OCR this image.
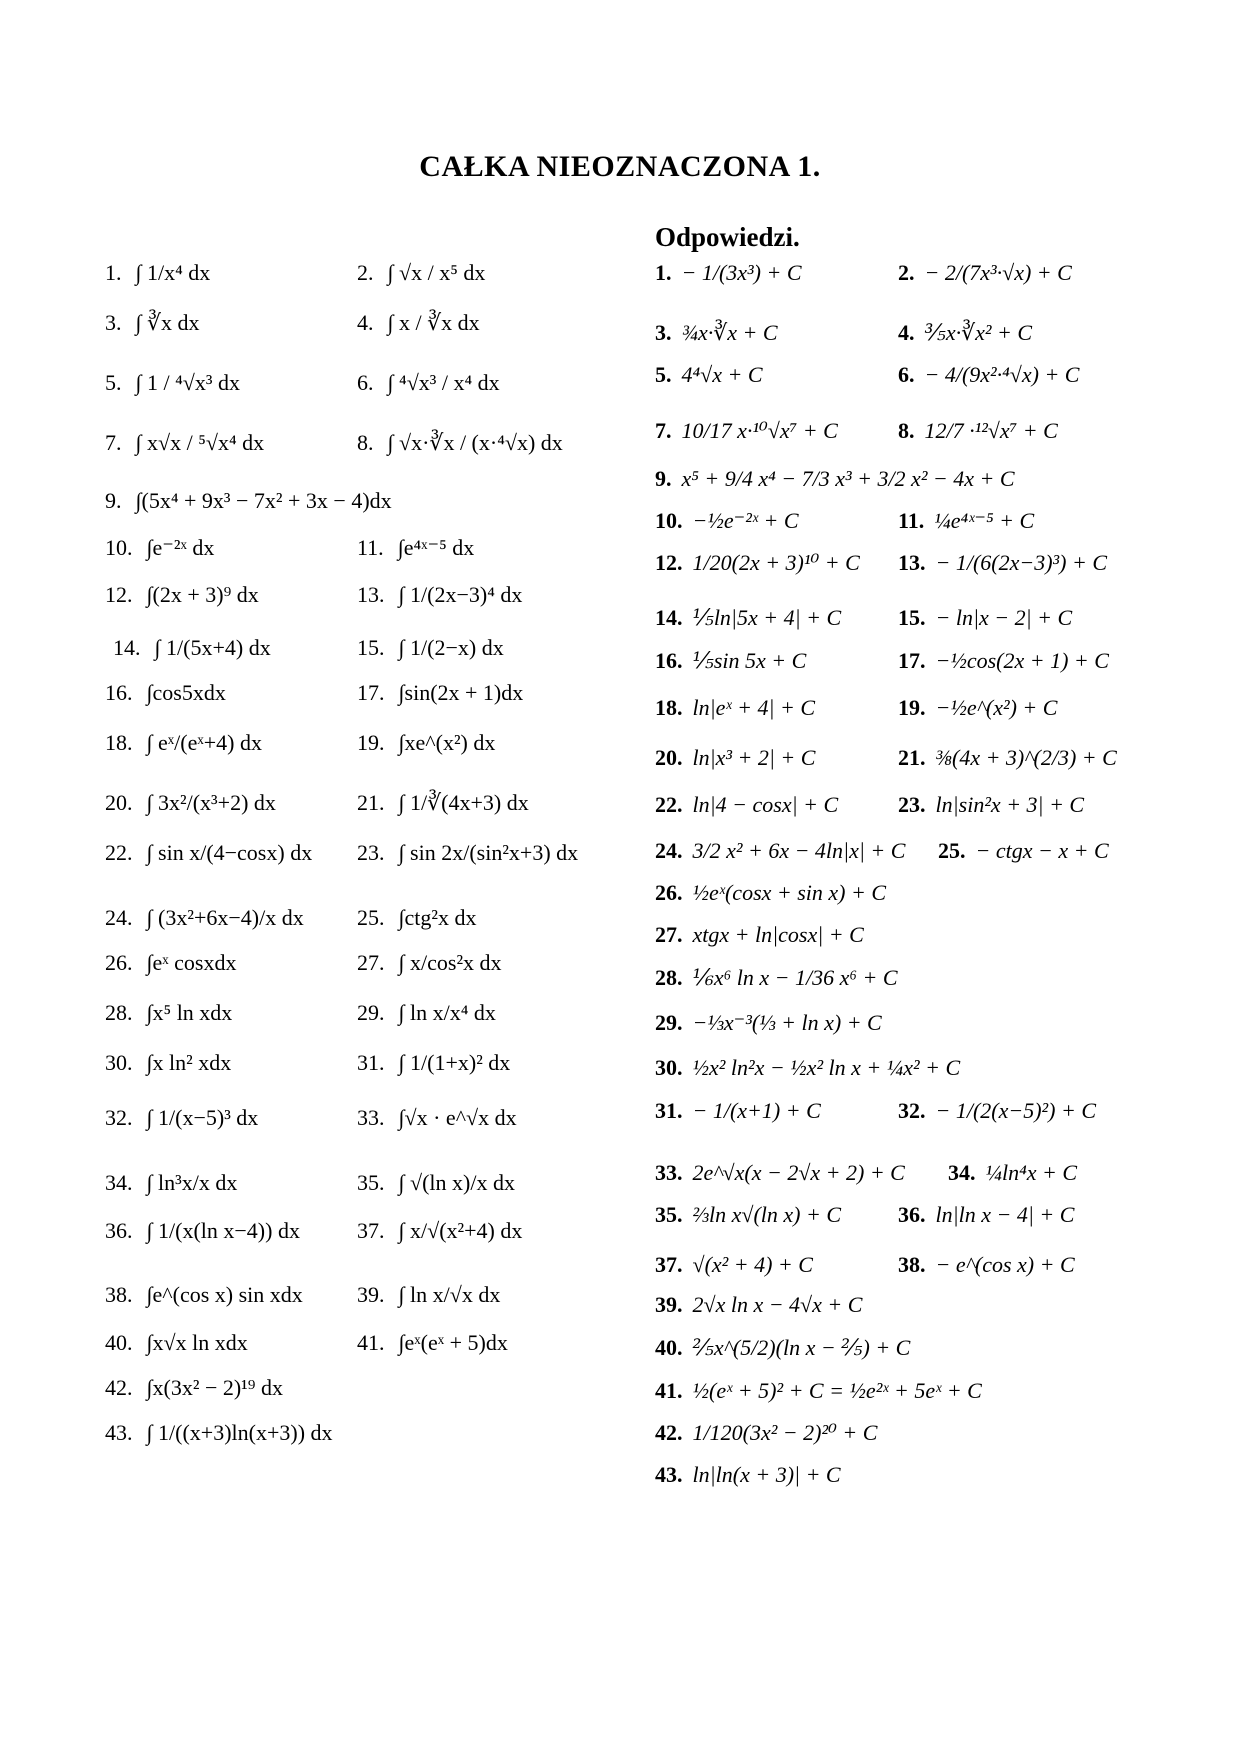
CAŁKA NIEOZNACZONA 1.
Odpowiedzi.
1. ∫ 1/x⁴ dx	2. ∫ √x / x⁵ dx
3. ∫ ∛x dx	4. ∫ x / ∛x dx
5. ∫ 1 / ⁴√x³ dx	6. ∫ ⁴√x³ / x⁴ dx
7. ∫ x√x / ⁵√x⁴ dx	8. ∫ √x·∛x / (x·⁴√x) dx
9. ∫(5x⁴ + 9x³ − 7x² + 3x − 4)dx
10. ∫e⁻²ˣ dx	11. ∫e⁴ˣ⁻⁵ dx
12. ∫(2x + 3)⁹ dx	13. ∫ 1/(2x−3)⁴ dx
14. ∫ 1/(5x+4) dx	15. ∫ 1/(2−x) dx
16. ∫cos5xdx	17. ∫sin(2x + 1)dx
18. ∫ eˣ/(eˣ+4) dx	19. ∫xe^(x²) dx
20. ∫ 3x²/(x³+2) dx	21. ∫ 1/∛(4x+3) dx
22. ∫ sin x/(4−cosx) dx 23. ∫ sin 2x/(sin²x+3) dx
24. ∫ (3x²+6x−4)/x dx 25. ∫ctg²x dx
26. ∫eˣ cosxdx	27. ∫ x/cos²x dx
28. ∫x⁵ ln xdx	29. ∫ ln x/x⁴ dx
30. ∫x ln² xdx	31. ∫ 1/(1+x)² dx
32. ∫ 1/(x−5)³ dx	33. ∫√x · e^√x dx
34. ∫ ln³x/x dx	35. ∫ √(ln x)/x dx
36. ∫ 1/(x(ln x−4)) dx	37. ∫ x/√(x²+4) dx
38. ∫e^(cos x) sin xdx 39. ∫ ln x/√x dx
40. ∫x√x ln xdx	41. ∫eˣ(eˣ + 5)dx
42. ∫x(3x² − 2)¹⁹ dx
43. ∫ 1/((x+3)ln(x+3)) dx
1. − 1/(3x³) + C	2. − 2/(7x³·√x) + C
3. ¾x·∛x + C	4. ⅗x·∛x² + C
5. 4⁴√x + C	6. − 4/(9x²·⁴√x) + C
7. 10/17 x·¹⁰√x⁷ + C	8. 12/7 ·¹²√x⁷ + C
9. x⁵ + 9/4 x⁴ − 7/3 x³ + 3/2 x² − 4x + C
10. −½e⁻²ˣ + C	11. ¼e⁴ˣ⁻⁵ + C
12. 1/20(2x + 3)¹⁰ + C 13. − 1/(6(2x−3)³) + C
14. ⅕ln|5x + 4| + C	15. − ln|x − 2| + C
16. ⅕sin 5x + C	17. −½cos(2x + 1) + C
18. ln|eˣ + 4| + C	19. −½e^(x²) + C
20. ln|x³ + 2| + C	21. ⅜(4x + 3)^(2/3) + C
22. ln|4 − cosx| + C	23. ln|sin²x + 3| + C
24. 3/2 x² + 6x − 4ln|x| + C 25. − ctgx − x + C
26. ½eˣ(cosx + sin x) + C
27. xtgx + ln|cosx| + C
28. ⅙x⁶ ln x − 1/36 x⁶ + C
29. −⅓x⁻³(⅓ + ln x) + C
30. ½x² ln²x − ½x² ln x + ¼x² + C
31. − 1/(x+1) + C	32. − 1/(2(x−5)²) + C
33. 2e^√x(x − 2√x + 2) + C 34. ¼ln⁴x + C
35. ⅔ln x√(ln x) + C	36. ln|ln x − 4| + C
37. √(x² + 4) + C	38. − e^(cos x) + C
39. 2√x ln x − 4√x + C
40. ⅖x^(5/2)(ln x − ⅖) + C
41. ½(eˣ + 5)² + C = ½e²ˣ + 5eˣ + C
42. 1/120(3x² − 2)²⁰ + C
43. ln|ln(x + 3)| + C
